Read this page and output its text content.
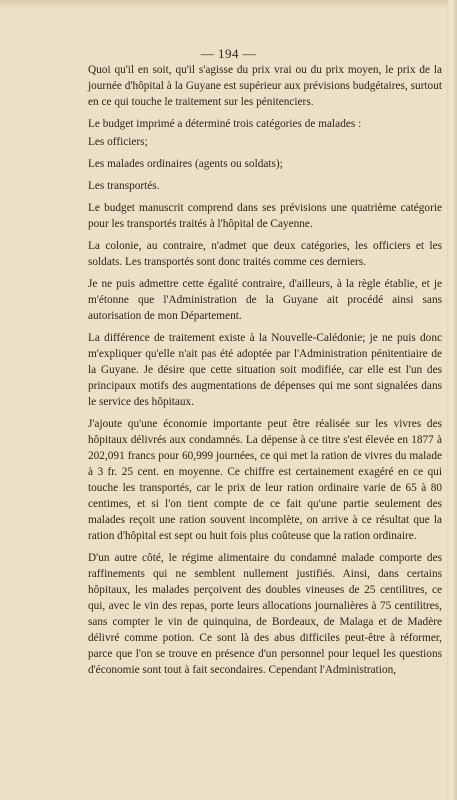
— 194 —

Quoi qu'il en soit, qu'il s'agisse du prix vrai ou du prix moyen, le prix de la journée d'hôpital à la Guyane est supérieur aux prévisions budgétaires, surtout en ce qui touche le traitement sur les pénitenciers.

Le budget imprimé a déterminé trois catégories de malades :

Les officiers;

Les malades ordinaires (agents ou soldats);

Les transportés.

Le budget manuscrit comprend dans ses prévisions une quatrième catégorie pour les transportés traités à l'hôpital de Cayenne.

La colonie, au contraire, n'admet que deux catégories, les officiers et les soldats. Les transportés sont donc traités comme ces derniers.

Je ne puis admettre cette égalité contraire, d'ailleurs, à la règle établie, et je m'étonne que l'Administration de la Guyane ait procédé ainsi sans autorisation de mon Département.

La différence de traitement existe à la Nouvelle-Calédonie; je ne puis donc m'expliquer qu'elle n'ait pas été adoptée par l'Administration pénitentiaire de la Guyane. Je désire que cette situation soit modifiée, car elle est l'un des principaux motifs des augmentations de dépenses qui me sont signalées dans le service des hôpitaux.

J'ajoute qu'une économie importante peut être réalisée sur les vivres des hôpitaux délivrés aux condamnés. La dépense à ce titre s'est élevée en 1877 à 202,091 francs pour 60,999 journées, ce qui met la ration de vivres du malade à 3 fr. 25 cent. en moyenne. Ce chiffre est certainement exagéré en ce qui touche les transportés, car le prix de leur ration ordinaire varie de 65 à 80 centimes, et si l'on tient compte de ce fait qu'une partie seulement des malades reçoit une ration souvent incomplète, on arrive à ce résultat que la ration d'hôpital est sept ou huit fois plus coûteuse que la ration ordinaire.

D'un autre côté, le régime alimentaire du condamné malade comporte des raffinements qui ne semblent nullement justifiés. Ainsi, dans certains hôpitaux, les malades perçoivent des doubles vineuses de 25 centilitres, ce qui, avec le vin des repas, porte leurs allocations journalières à 75 centilitres, sans compter le vin de quinquina, de Bordeaux, de Malaga et de Madère délivré comme potion. Ce sont là des abus difficiles peut-être à réformer, parce que l'on se trouve en présence d'un personnel pour lequel les questions d'économie sont tout à fait secondaires. Cependant l'Administration,
